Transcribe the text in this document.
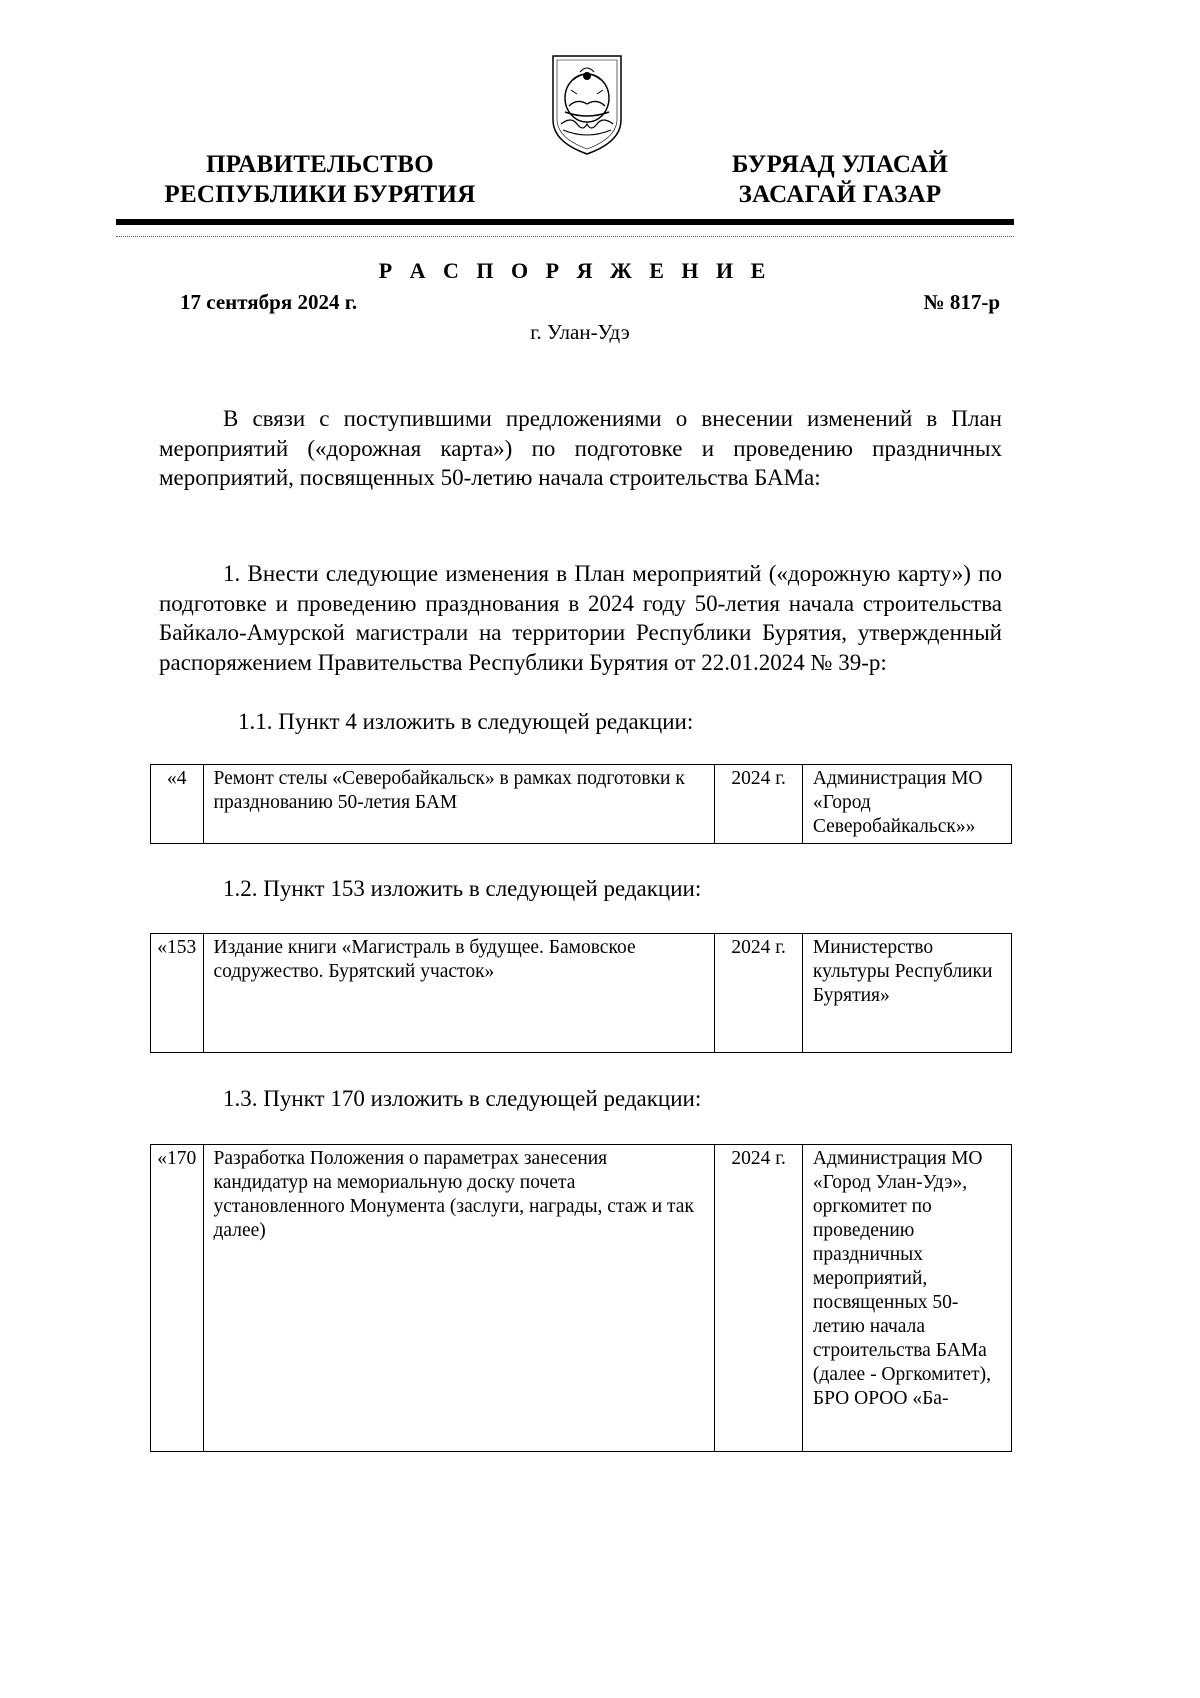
ПРАВИТЕЛЬСТВО
РЕСПУБЛИКИ БУРЯТИЯ
БУРЯАД УЛАСАЙ
ЗАСАГАЙ ГАЗАР
Р А С П О Р Я Ж Е Н И Е
17 сентября 2024 г.	№ 817-р
г. Улан-Удэ
В связи с поступившими предложениями о внесении изменений в План мероприятий («дорожная карта») по подготовке и проведению праздничных мероприятий, посвященных 50-летию начала строительства БАМа:
1. Внести следующие изменения в План мероприятий («дорожную карту») по подготовке и проведению празднования в 2024 году 50-летия начала строительства Байкало-Амурской магистрали на территории Республики Бурятия, утвержденный распоряжением Правительства Республики Бурятия от 22.01.2024 № 39-р:
1.1. Пункт 4 изложить в следующей редакции:
«4	Ремонт стелы «Северобайкальск» в рамках подготовки к празднованию 50-летия БАМ	2024 г.	Администрация МО «Город Северобайкальск»»
1.2. Пункт 153 изложить в следующей редакции:
«153	Издание книги «Магистраль в будущее. Бамовское содружество. Бурятский участок»	2024 г.	Министерство культуры Республики Бурятия»
1.3. Пункт 170 изложить в следующей редакции:
«170	Разработка Положения о параметрах занесения кандидатур на мемориальную доску почета установленного Монумента (заслуги, награды, стаж и так далее)	2024 г.	Администрация МО «Город Улан-Удэ», оргкомитет по проведению праздничных мероприятий, посвященных 50-летию начала строительства БАМа (далее - Оргкомитет), БРО ОРОО «Ба-
